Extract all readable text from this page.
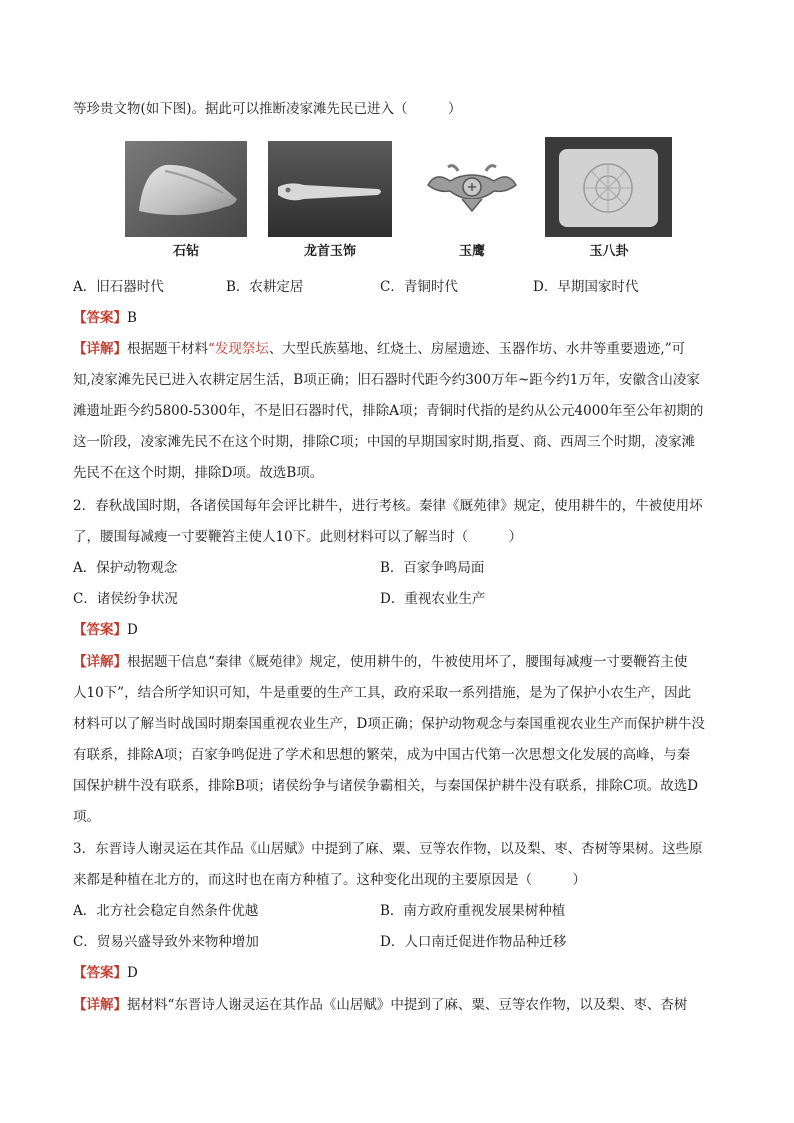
等珍贵文物(如下图)。据此可以推断凌家滩先民已进入（　　　）
石钻	龙首玉饰	玉鹰	玉八卦
A．旧石器时代	B．农耕定居	C．青铜时代	D．早期国家时代
【答案】B
【详解】根据题干材料“发现祭坛、大型氏族墓地、红烧土、房屋遗迹、玉器作坊、水井等重要遗迹,”可
知,凌家滩先民已进入农耕定居生活，B项正确；旧石器时代距今约300万年~距今约1万年，安徽含山凌家
滩遗址距今约5800-5300年，不是旧石器时代，排除A项；青铜时代指的是约从公元4000年至公年初期的
这一阶段，凌家滩先民不在这个时期，排除C项；中国的早期国家时期,指夏、商、西周三个时期，凌家滩
先民不在这个时期，排除D项。故选B项。
2．春秋战国时期，各诸侯国每年会评比耕牛，进行考核。秦律《厩苑律》规定，使用耕牛的，牛被使用坏
了，腰围每减瘦一寸要鞭笞主使人10下。此则材料可以了解当时（　　　）
A．保护动物观念	B．百家争鸣局面
C．诸侯纷争状况	D．重视农业生产
【答案】D
【详解】根据题干信息“秦律《厩苑律》规定，使用耕牛的，牛被使用坏了，腰围每减瘦一寸要鞭笞主使
人10下”，结合所学知识可知，牛是重要的生产工具，政府采取一系列措施，是为了保护小农生产，因此
材料可以了解当时战国时期秦国重视农业生产，D项正确；保护动物观念与秦国重视农业生产而保护耕牛没
有联系，排除A项；百家争鸣促进了学术和思想的繁荣，成为中国古代第一次思想文化发展的高峰，与秦
国保护耕牛没有联系，排除B项；诸侯纷争与诸侯争霸相关，与秦国保护耕牛没有联系，排除C项。故选D
项。
3．东晋诗人谢灵运在其作品《山居赋》中提到了麻、粟、豆等农作物，以及梨、枣、杏树等果树。这些原
来都是种植在北方的，而这时也在南方种植了。这种变化出现的主要原因是（　　　）
A．北方社会稳定自然条件优越	B．南方政府重视发展果树种植
C．贸易兴盛导致外来物种增加	D．人口南迁促进作物品种迁移
【答案】D
【详解】据材料“东晋诗人谢灵运在其作品《山居赋》中提到了麻、粟、豆等农作物，以及梨、枣、杏树
